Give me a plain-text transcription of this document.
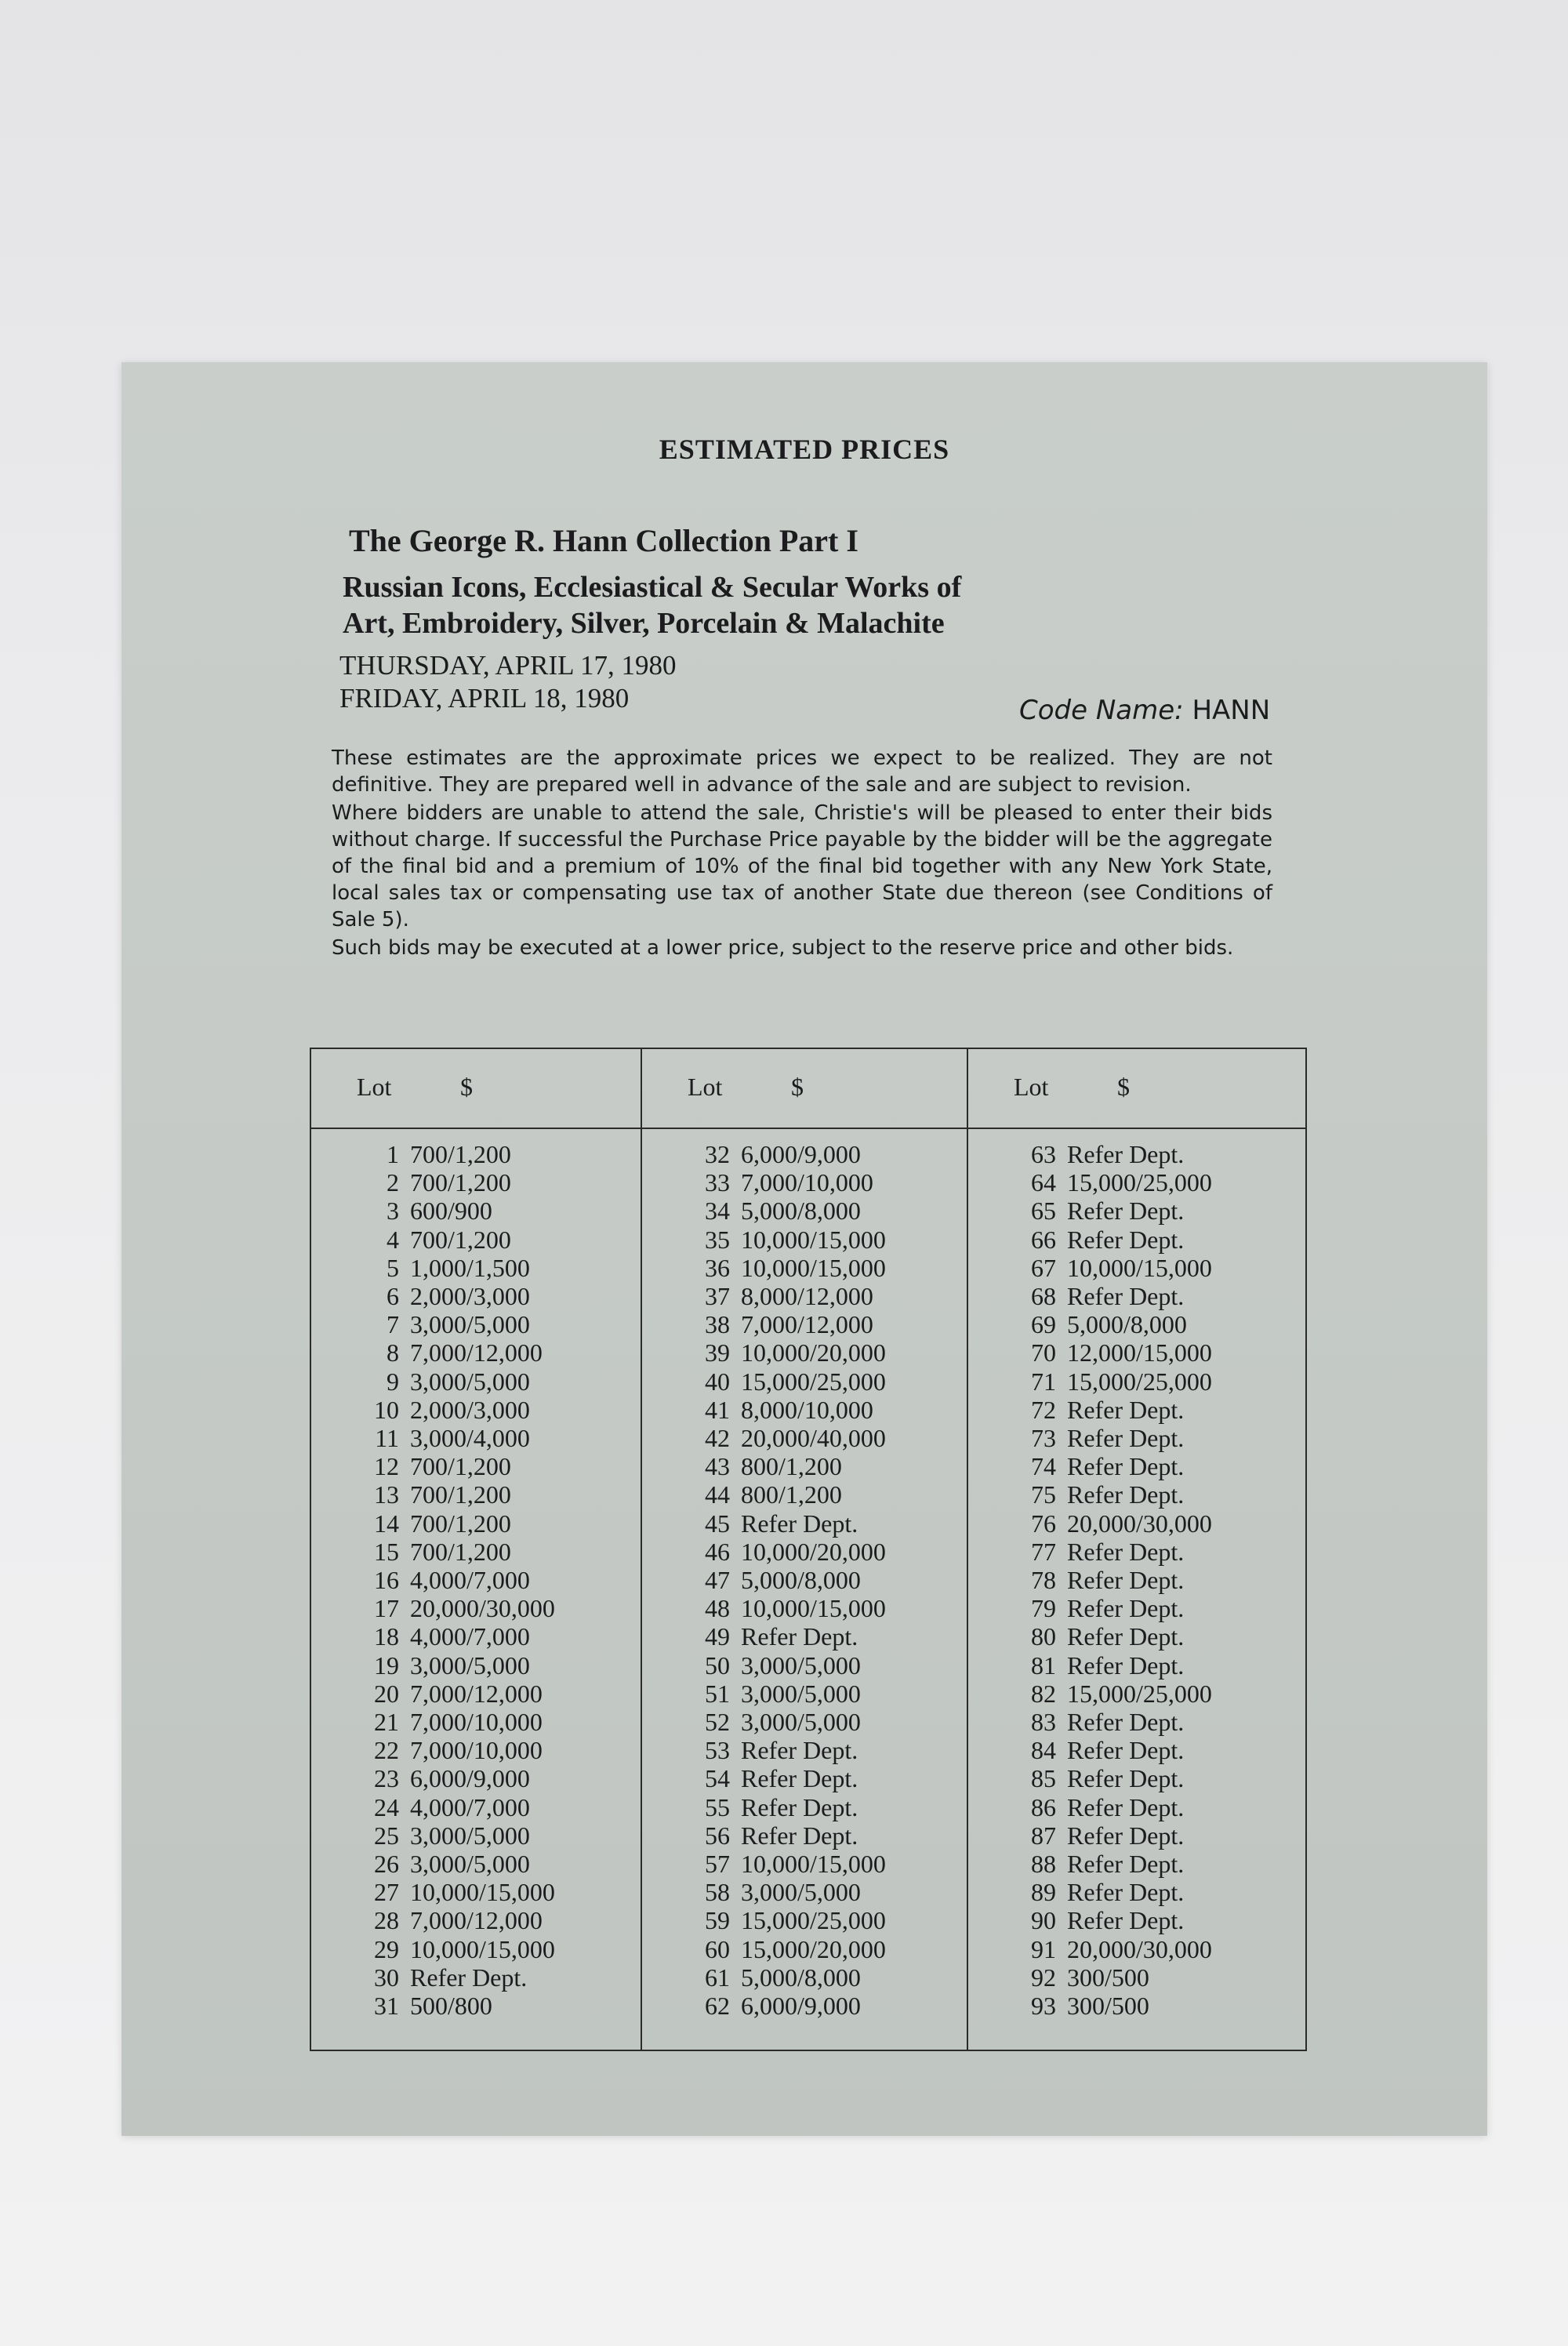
ESTIMATED PRICES
The George R. Hann Collection Part I
Russian Icons, Ecclesiastical & Secular Works of
Art, Embroidery, Silver, Porcelain & Malachite
THURSDAY, APRIL 17, 1980
FRIDAY, APRIL 18, 1980	Code Name: HANN

These estimates are the approximate prices we expect to be realized. They are not definitive. They are prepared well in advance of the sale and are subject to revision.

Where bidders are unable to attend the sale, Christie's will be pleased to enter their bids without charge. If successful the Purchase Price payable by the bidder will be the aggregate of the final bid and a premium of 10% of the final bid together with any New York State, local sales tax or compensating use tax of another State due thereon (see Conditions of Sale 5).

Such bids may be executed at a lower price, subject to the reserve price and other bids.

Lot	$
1 700/1,200
2 700/1,200
3 600/900
4 700/1,200
5 1,000/1,500
6 2,000/3,000
7 3,000/5,000
8 7,000/12,000
9 3,000/5,000
10 2,000/3,000
11 3,000/4,000
12 700/1,200
13 700/1,200
14 700/1,200
15 700/1,200
16 4,000/7,000
17 20,000/30,000
18 4,000/7,000
19 3,000/5,000
20 7,000/12,000
21 7,000/10,000
22 7,000/10,000
23 6,000/9,000
24 4,000/7,000
25 3,000/5,000
26 3,000/5,000
27 10,000/15,000
28 7,000/12,000
29 10,000/15,000
30 Refer Dept.
31 500/800
Lot	$
32 6,000/9,000
33 7,000/10,000
34 5,000/8,000
35 10,000/15,000
36 10,000/15,000
37 8,000/12,000
38 7,000/12,000
39 10,000/20,000
40 15,000/25,000
41 8,000/10,000
42 20,000/40,000
43 800/1,200
44 800/1,200
45 Refer Dept.
46 10,000/20,000
47 5,000/8,000
48 10,000/15,000
49 Refer Dept.
50 3,000/5,000
51 3,000/5,000
52 3,000/5,000
53 Refer Dept.
54 Refer Dept.
55 Refer Dept.
56 Refer Dept.
57 10,000/15,000
58 3,000/5,000
59 15,000/25,000
60 15,000/20,000
61 5,000/8,000
62 6,000/9,000
Lot	$
63 Refer Dept.
64 15,000/25,000
65 Refer Dept.
66 Refer Dept.
67 10,000/15,000
68 Refer Dept.
69 5,000/8,000
70 12,000/15,000
71 15,000/25,000
72 Refer Dept.
73 Refer Dept.
74 Refer Dept.
75 Refer Dept.
76 20,000/30,000
77 Refer Dept.
78 Refer Dept.
79 Refer Dept.
80 Refer Dept.
81 Refer Dept.
82 15,000/25,000
83 Refer Dept.
84 Refer Dept.
85 Refer Dept.
86 Refer Dept.
87 Refer Dept.
88 Refer Dept.
89 Refer Dept.
90 Refer Dept.
91 20,000/30,000
92 300/500
93 300/500
